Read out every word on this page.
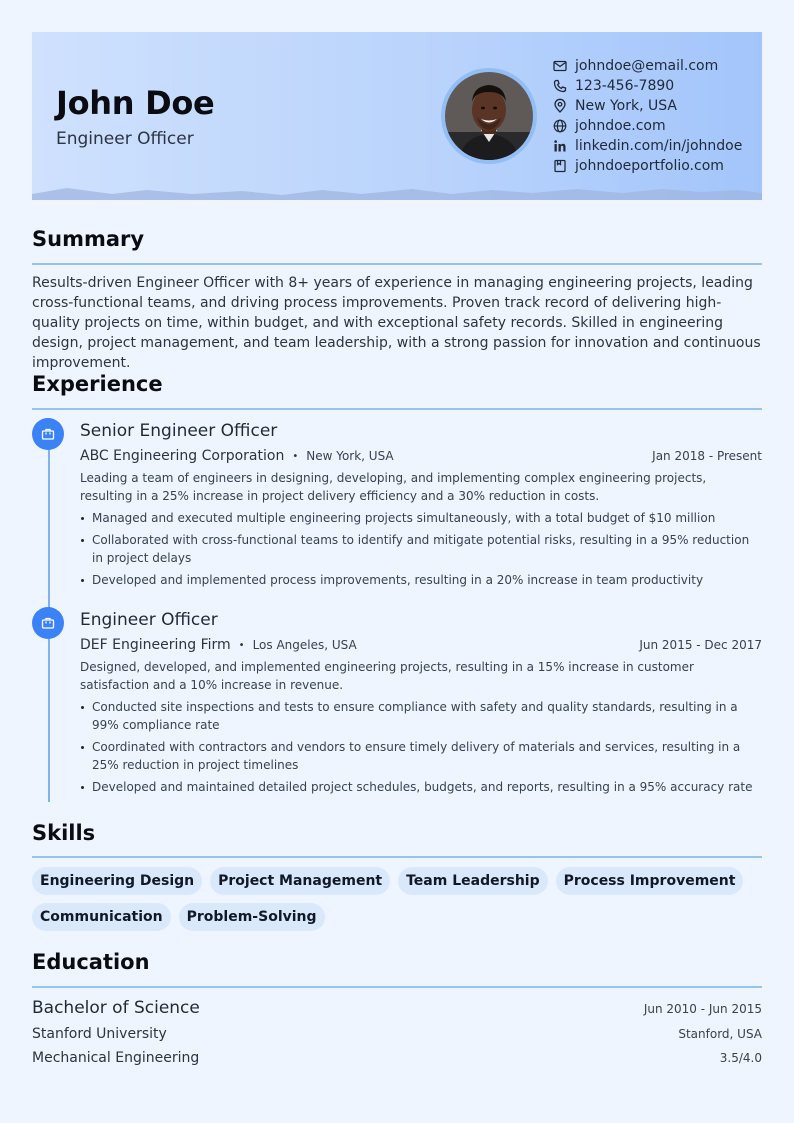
John Doe
Engineer Officer
johndoe@email.com
123-456-7890
New York, USA
johndoe.com
linkedin.com/in/johndoe
johndoeportfolio.com
Summary
Results-driven Engineer Officer with 8+ years of experience in managing engineering projects, leading cross-functional teams, and driving process improvements. Proven track record of delivering high-quality projects on time, within budget, and with exceptional safety records. Skilled in engineering design, project management, and team leadership, with a strong passion for innovation and continuous improvement.
Experience
Senior Engineer Officer
ABC Engineering Corporation • New York, USA	Jan 2018 - Present
Leading a team of engineers in designing, developing, and implementing complex engineering projects, resulting in a 25% increase in project delivery efficiency and a 30% reduction in costs.
Managed and executed multiple engineering projects simultaneously, with a total budget of $10 million
Collaborated with cross-functional teams to identify and mitigate potential risks, resulting in a 95% reduction in project delays
Developed and implemented process improvements, resulting in a 20% increase in team productivity
Engineer Officer
DEF Engineering Firm • Los Angeles, USA	Jun 2015 - Dec 2017
Designed, developed, and implemented engineering projects, resulting in a 15% increase in customer satisfaction and a 10% increase in revenue.
Conducted site inspections and tests to ensure compliance with safety and quality standards, resulting in a 99% compliance rate
Coordinated with contractors and vendors to ensure timely delivery of materials and services, resulting in a 25% reduction in project timelines
Developed and maintained detailed project schedules, budgets, and reports, resulting in a 95% accuracy rate
Skills
Engineering Design	Project Management	Team Leadership	Process Improvement
Communication	Problem-Solving
Education
Bachelor of Science	Jun 2010 - Jun 2015
Stanford University	Stanford, USA
Mechanical Engineering	3.5/4.0
